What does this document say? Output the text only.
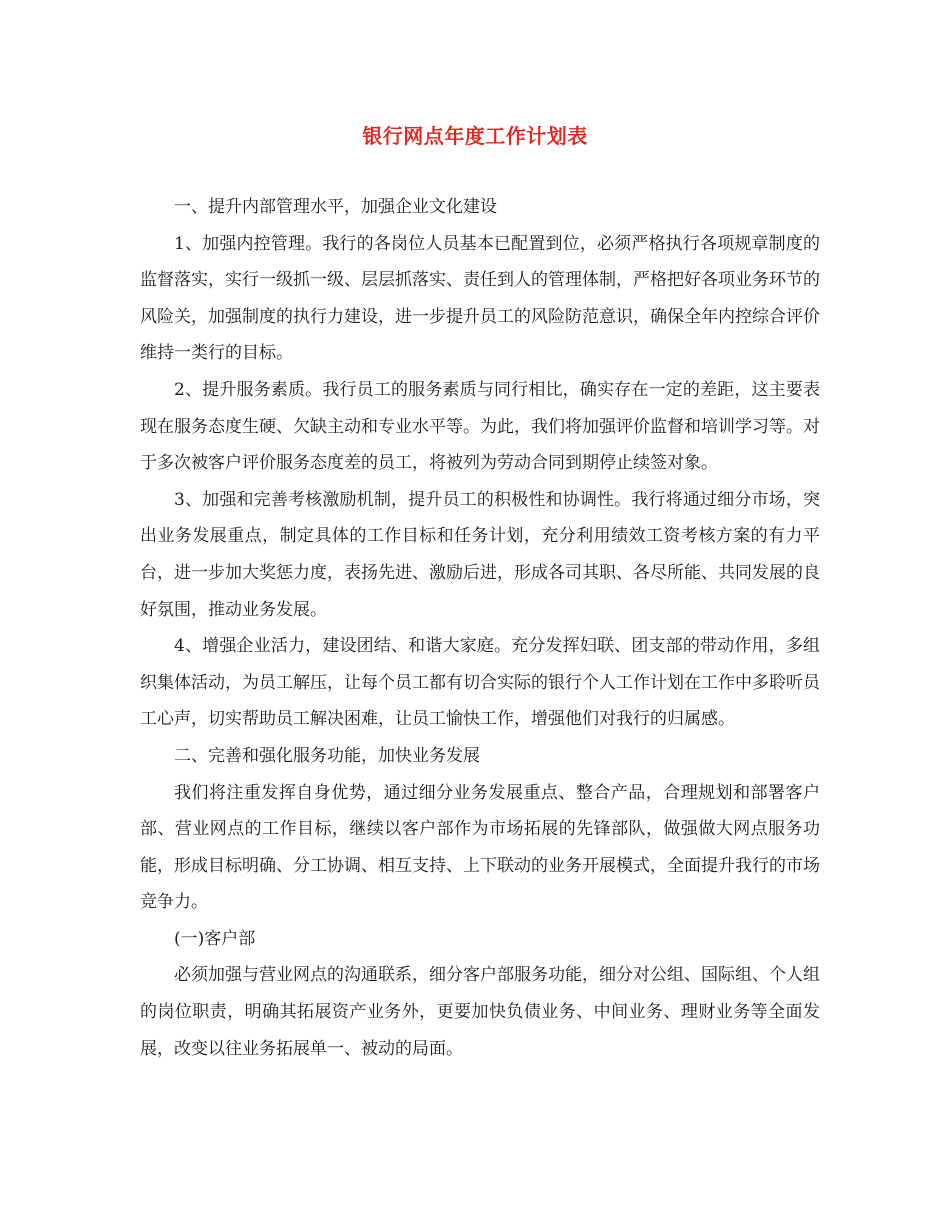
银行网点年度工作计划表

一、提升内部管理水平，加强企业文化建设

1、加强内控管理。我行的各岗位人员基本已配置到位，必须严格执行各项规章制度的监督落实，实行一级抓一级、层层抓落实、责任到人的管理体制，严格把好各项业务环节的风险关，加强制度的执行力建设，进一步提升员工的风险防范意识，确保全年内控综合评价维持一类行的目标。

2、提升服务素质。我行员工的服务素质与同行相比，确实存在一定的差距，这主要表现在服务态度生硬、欠缺主动和专业水平等。为此，我们将加强评价监督和培训学习等。对于多次被客户评价服务态度差的员工，将被列为劳动合同到期停止续签对象。

3、加强和完善考核激励机制，提升员工的积极性和协调性。我行将通过细分市场，突出业务发展重点，制定具体的工作目标和任务计划，充分利用绩效工资考核方案的有力平台，进一步加大奖惩力度，表扬先进、激励后进，形成各司其职、各尽所能、共同发展的良好氛围，推动业务发展。

4、增强企业活力，建设团结、和谐大家庭。充分发挥妇联、团支部的带动作用，多组织集体活动，为员工解压，让每个员工都有切合实际的银行个人工作计划在工作中多聆听员工心声，切实帮助员工解决困难，让员工愉快工作，增强他们对我行的归属感。

二、完善和强化服务功能，加快业务发展

我们将注重发挥自身优势，通过细分业务发展重点、整合产品，合理规划和部署客户部、营业网点的工作目标，继续以客户部作为市场拓展的先锋部队，做强做大网点服务功能，形成目标明确、分工协调、相互支持、上下联动的业务开展模式，全面提升我行的市场竞争力。

(一)客户部

必须加强与营业网点的沟通联系，细分客户部服务功能，细分对公组、国际组、个人组的岗位职责，明确其拓展资产业务外，更要加快负债业务、中间业务、理财业务等全面发展，改变以往业务拓展单一、被动的局面。
